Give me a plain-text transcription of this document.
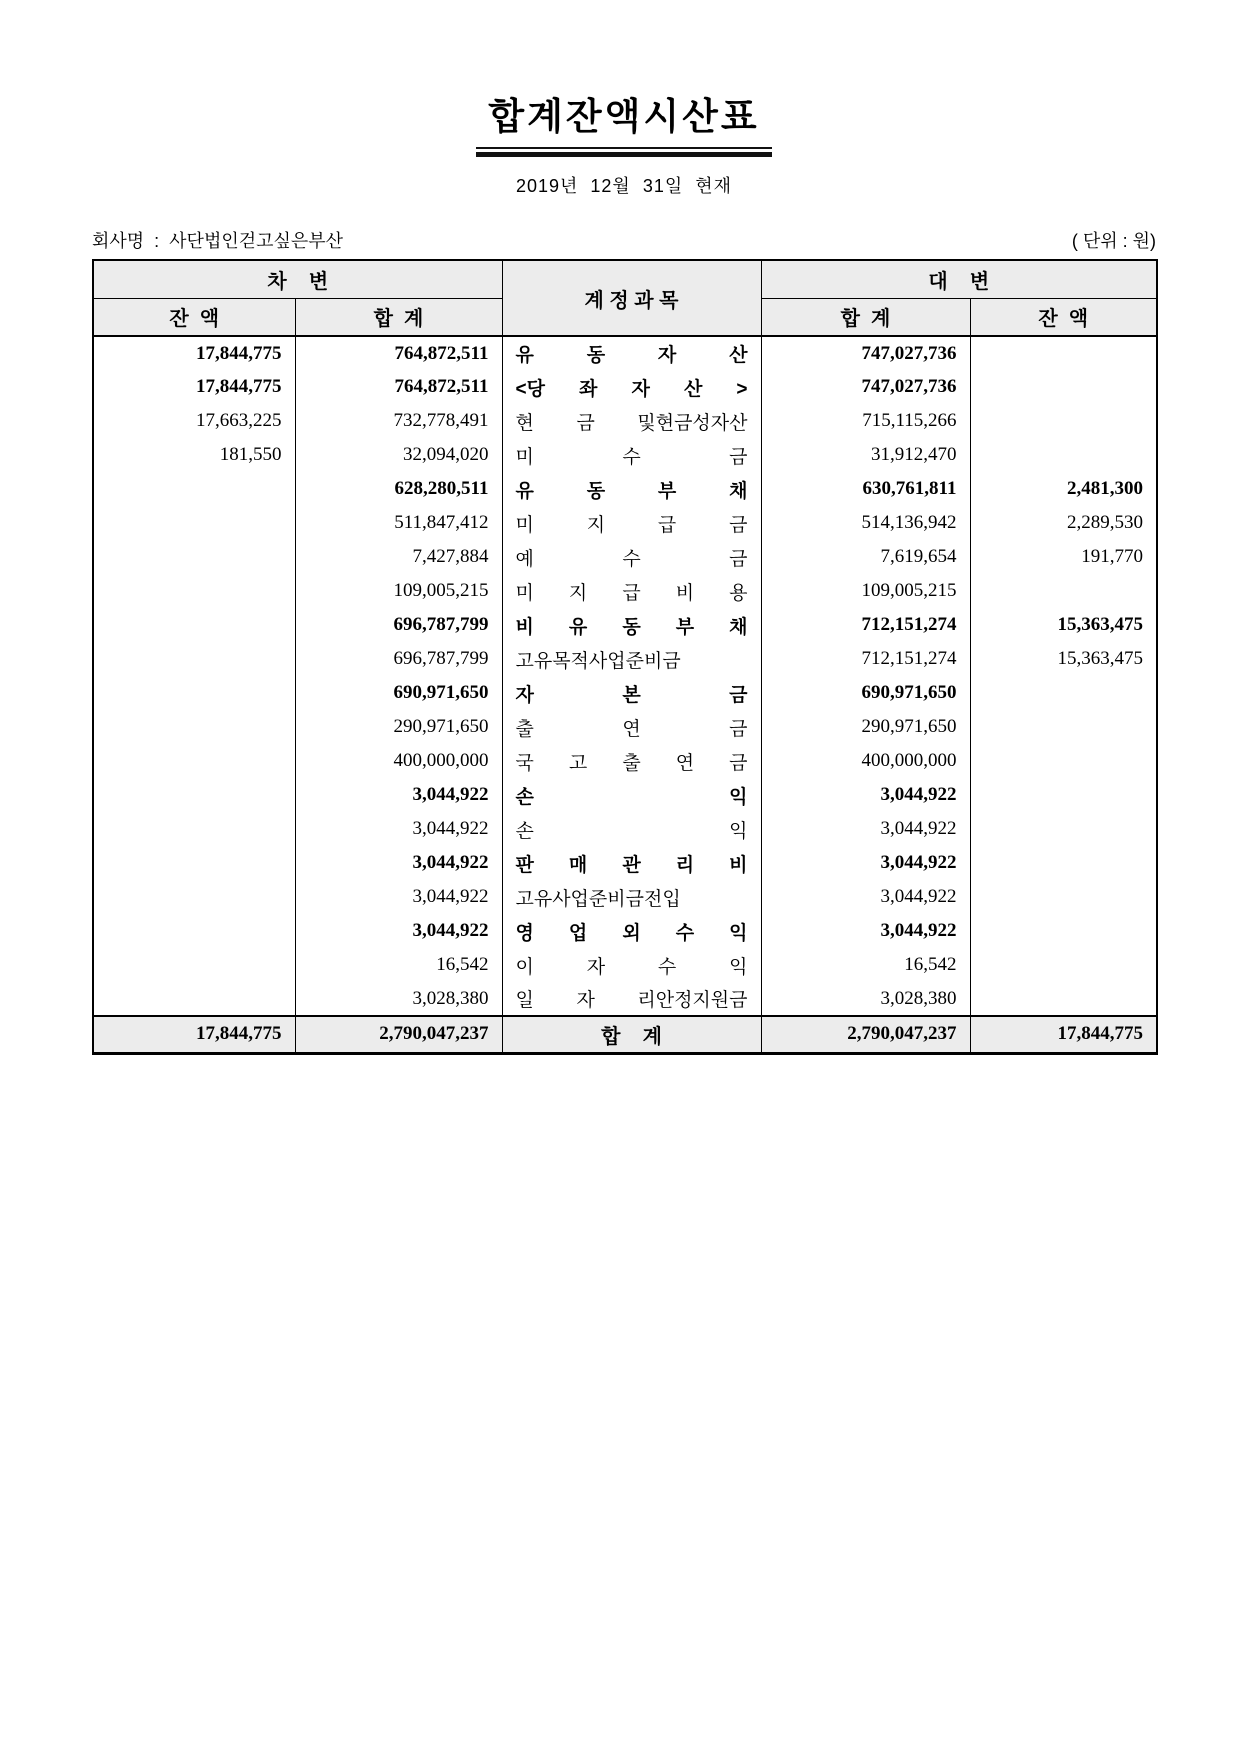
합계잔액시산표
2019년  12월  31일  현재
회사명  :  사단법인걷고싶은부산	( 단위 : 원)
차    변		계 정 과 목	대    변	
잔  액	합  계		합  계	잔  액
17,844,775	764,872,511	유 동 자 산	747,027,736	
17,844,775	764,872,511	<당 좌 자 산 >	747,027,736	
17,663,225	732,778,491	현 금 및현금성자산	715,115,266	
181,550	32,094,020	미 수 금	31,912,470	
	628,280,511	유 동 부 채	630,761,811	2,481,300
	511,847,412	미 지 급 금	514,136,942	2,289,530
	7,427,884	예 수 금	7,619,654	191,770
	109,005,215	미 지 급 비 용	109,005,215	
	696,787,799	비 유 동 부 채	712,151,274	15,363,475
	696,787,799	고유목적사업준비금	712,151,274	15,363,475
	690,971,650	자 본 금	690,971,650	
	290,971,650	출 연 금	290,971,650	
	400,000,000	국 고 출 연 금	400,000,000	
	3,044,922	손 익	3,044,922	
	3,044,922	손 익	3,044,922	
	3,044,922	판 매 관 리 비	3,044,922	
	3,044,922	고유사업준비금전입	3,044,922	
	3,044,922	영 업 외 수 익	3,044,922	
	16,542	이 자 수 익	16,542	
	3,028,380	일 자 리안정지원금	3,028,380	
17,844,775	2,790,047,237	합    계	2,790,047,237	17,844,775
